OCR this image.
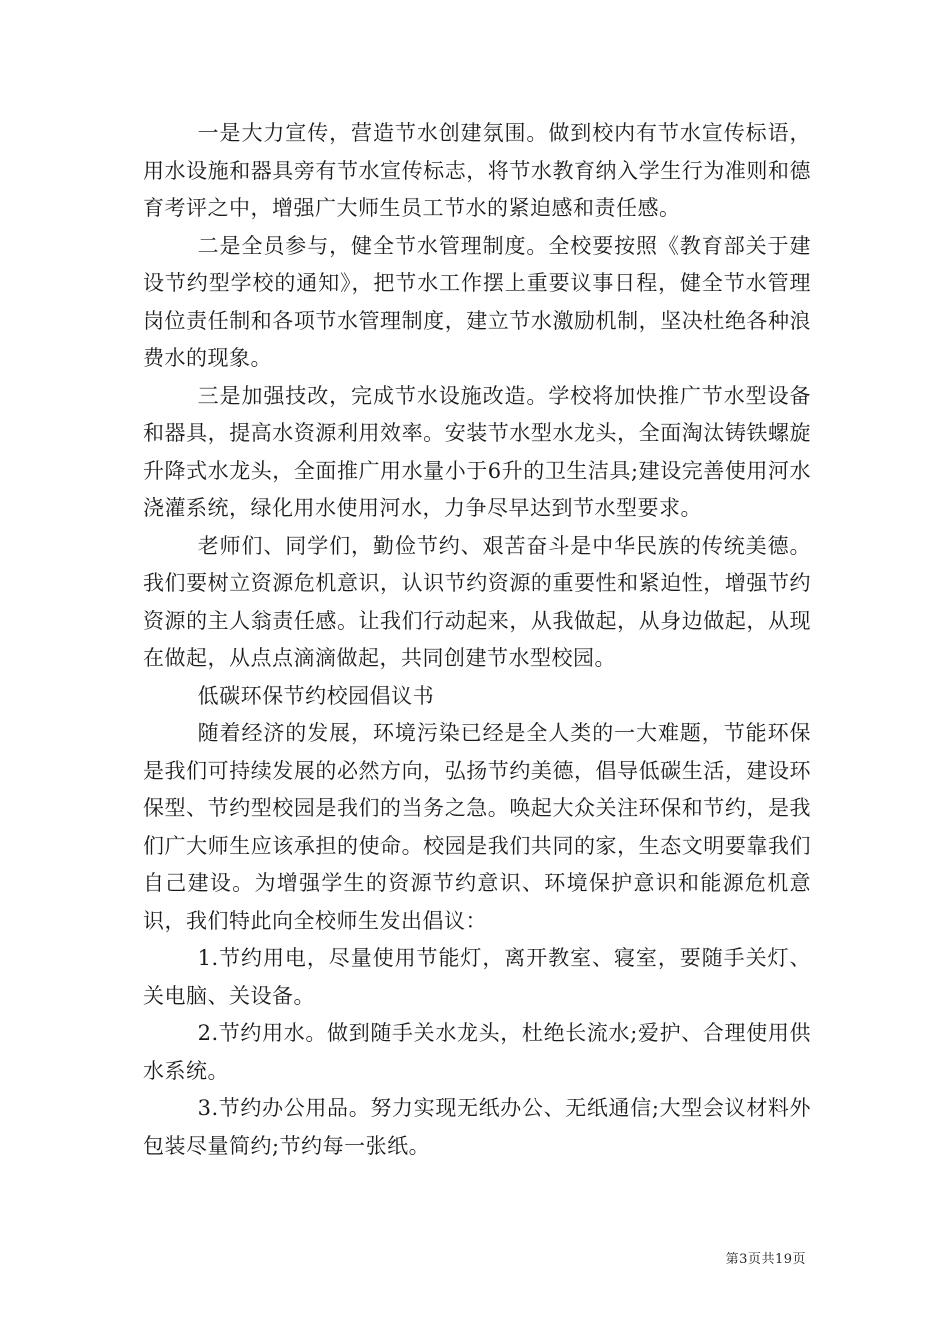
一是大力宣传，营造节水创建氛围。做到校内有节水宣传标语，用水设施和器具旁有节水宣传标志，将节水教育纳入学生行为准则和德育考评之中，增强广大师生员工节水的紧迫感和责任感。

二是全员参与，健全节水管理制度。全校要按照《教育部关于建设节约型学校的通知》，把节水工作摆上重要议事日程，健全节水管理岗位责任制和各项节水管理制度，建立节水激励机制，坚决杜绝各种浪费水的现象。

三是加强技改，完成节水设施改造。学校将加快推广节水型设备和器具，提高水资源利用效率。安装节水型水龙头，全面淘汰铸铁螺旋升降式水龙头，全面推广用水量小于6升的卫生洁具;建设完善使用河水浇灌系统，绿化用水使用河水，力争尽早达到节水型要求。

老师们、同学们，勤俭节约、艰苦奋斗是中华民族的传统美德。我们要树立资源危机意识，认识节约资源的重要性和紧迫性，增强节约资源的主人翁责任感。让我们行动起来，从我做起，从身边做起，从现在做起，从点点滴滴做起，共同创建节水型校园。

低碳环保节约校园倡议书

随着经济的发展，环境污染已经是全人类的一大难题，节能环保是我们可持续发展的必然方向，弘扬节约美德，倡导低碳生活，建设环保型、节约型校园是我们的当务之急。唤起大众关注环保和节约，是我们广大师生应该承担的使命。校园是我们共同的家，生态文明要靠我们自己建设。为增强学生的资源节约意识、环境保护意识和能源危机意识，我们特此向全校师生发出倡议：

1.节约用电，尽量使用节能灯，离开教室、寝室，要随手关灯、关电脑、关设备。

2.节约用水。做到随手关水龙头，杜绝长流水;爱护、合理使用供水系统。

3.节约办公用品。努力实现无纸办公、无纸通信;大型会议材料外包装尽量简约;节约每一张纸。

第3页共19页
